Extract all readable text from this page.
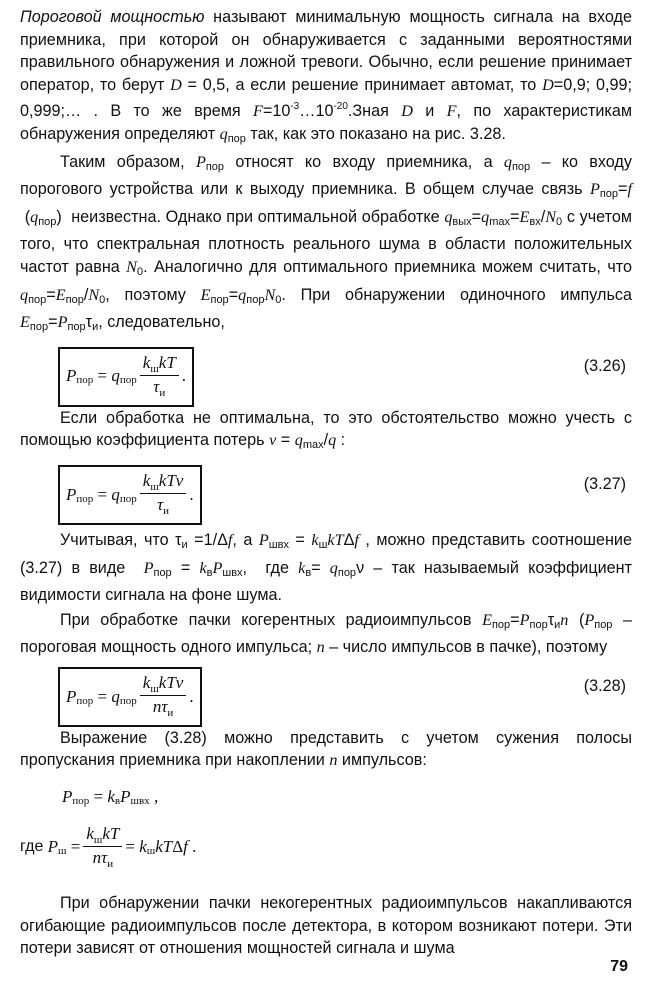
Пороговой мощностью называют минимальную мощность сигнала на входе приемника, при которой он обнаруживается с заданными вероятностями правильного обнаружения и ложной тревоги. Обычно, если решение принимает оператор, то берут D = 0,5, а если решение принимает автомат, то D=0,9; 0,99; 0,999;… . В то же время $F=10^{-3}\dots 10^{-20}.Зная$ D и F, по характеристикам обнаружения определяют $q_{пор}$ так, как это показано на рис. 3.28.

Таким образом, $P_{пор}$ относят ко входу приемника, а $q_{пор}$ – ко входу порогового устройства или к выходу приемника. В общем случае связь $P_{пор}=f$  $(q_{пор})$  неизвестна. Однако при оптимальной обработке $q_{вых}=q_{max}=E_{вх}/N_0$ с учетом того, что спектральная плотность реального шума в области положительных частот равна $N_0$. Аналогично для оптимального приемника можем считать, что $q_{пор}=E_{пор}/N_0$, поэтому $E_{пор}=q_{пор}N_0$. При обнаружении одиночного импульса $E_{пор}=P_{пор}\tau_и$, следовательно,

P пор = q пор $\frac{k_шkT}{\tau_и}$ .
(3.26)

Если обработка не оптимальна, то это обстоятельство можно учесть с помощью коэффициента потерь $\nu = q_{max}/q$ :

P пор = q пор $\frac{k_шkT\nu}{\tau_и}$ .
(3.27)

Учитывая, что $\tau_и =1/\Delta f$, а $P_{швх} = k_шkT\Delta f$ , можно представить соотношение (3.27) в виде  $P_{пор} = k_вP_{швх}$,  где $k_в= q_{пор}\nu$ – так называемый коэффициент видимости сигнала на фоне шума.

При обработке пачки когерентных радиоимпульсов $E_{пор}=P_{пор}\tau_иn$ ($P_{пор}$ – пороговая мощность одного импульса; n – число импульсов в пачке), поэтому

P пор = q пор $\frac{k_шkT\nu}{n\tau_и}$ .
(3.28)

Выражение (3.28) можно представить с учетом сужения полосы пропускания приемника при накоплении n импульсов:

P пор = k в P швх ,
где
P $ш = \frac{k_шkT}{n\tau_и} = k$ ш kT Δ f .

При обнаружении пачки некогерентных радиоимпульсов накапливаются огибающие радиоимпульсов после детектора, в котором возникают потери. Эти потери зависят от отношения мощностей сигнала и шума

79
